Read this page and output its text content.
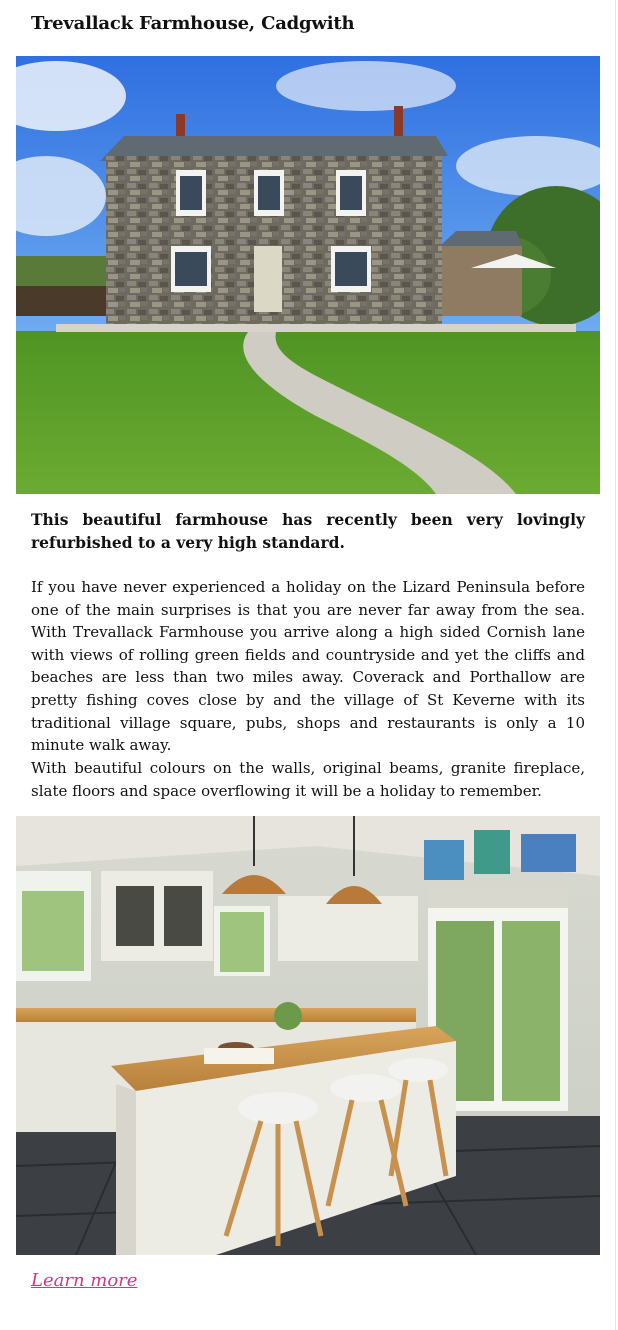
Trevallack Farmhouse, Cadgwith

This beautiful farmhouse has recently been very lovingly refurbished to a very high standard.

If you have never experienced a holiday on the Lizard Peninsula before one of the main surprises is that you are never far away from the sea. With Trevallack Farmhouse you arrive along a high sided Cornish lane with views of rolling green fields and countryside and yet the cliffs and beaches are less than two miles away. Coverack and Porthallow are pretty fishing coves close by and the village of St Keverne with its traditional village square, pubs, shops and restaurants is only a 10 minute walk away.

With beautiful colours on the walls, original beams, granite fireplace, slate floors and space overflowing it will be a holiday to remember.

Learn more
